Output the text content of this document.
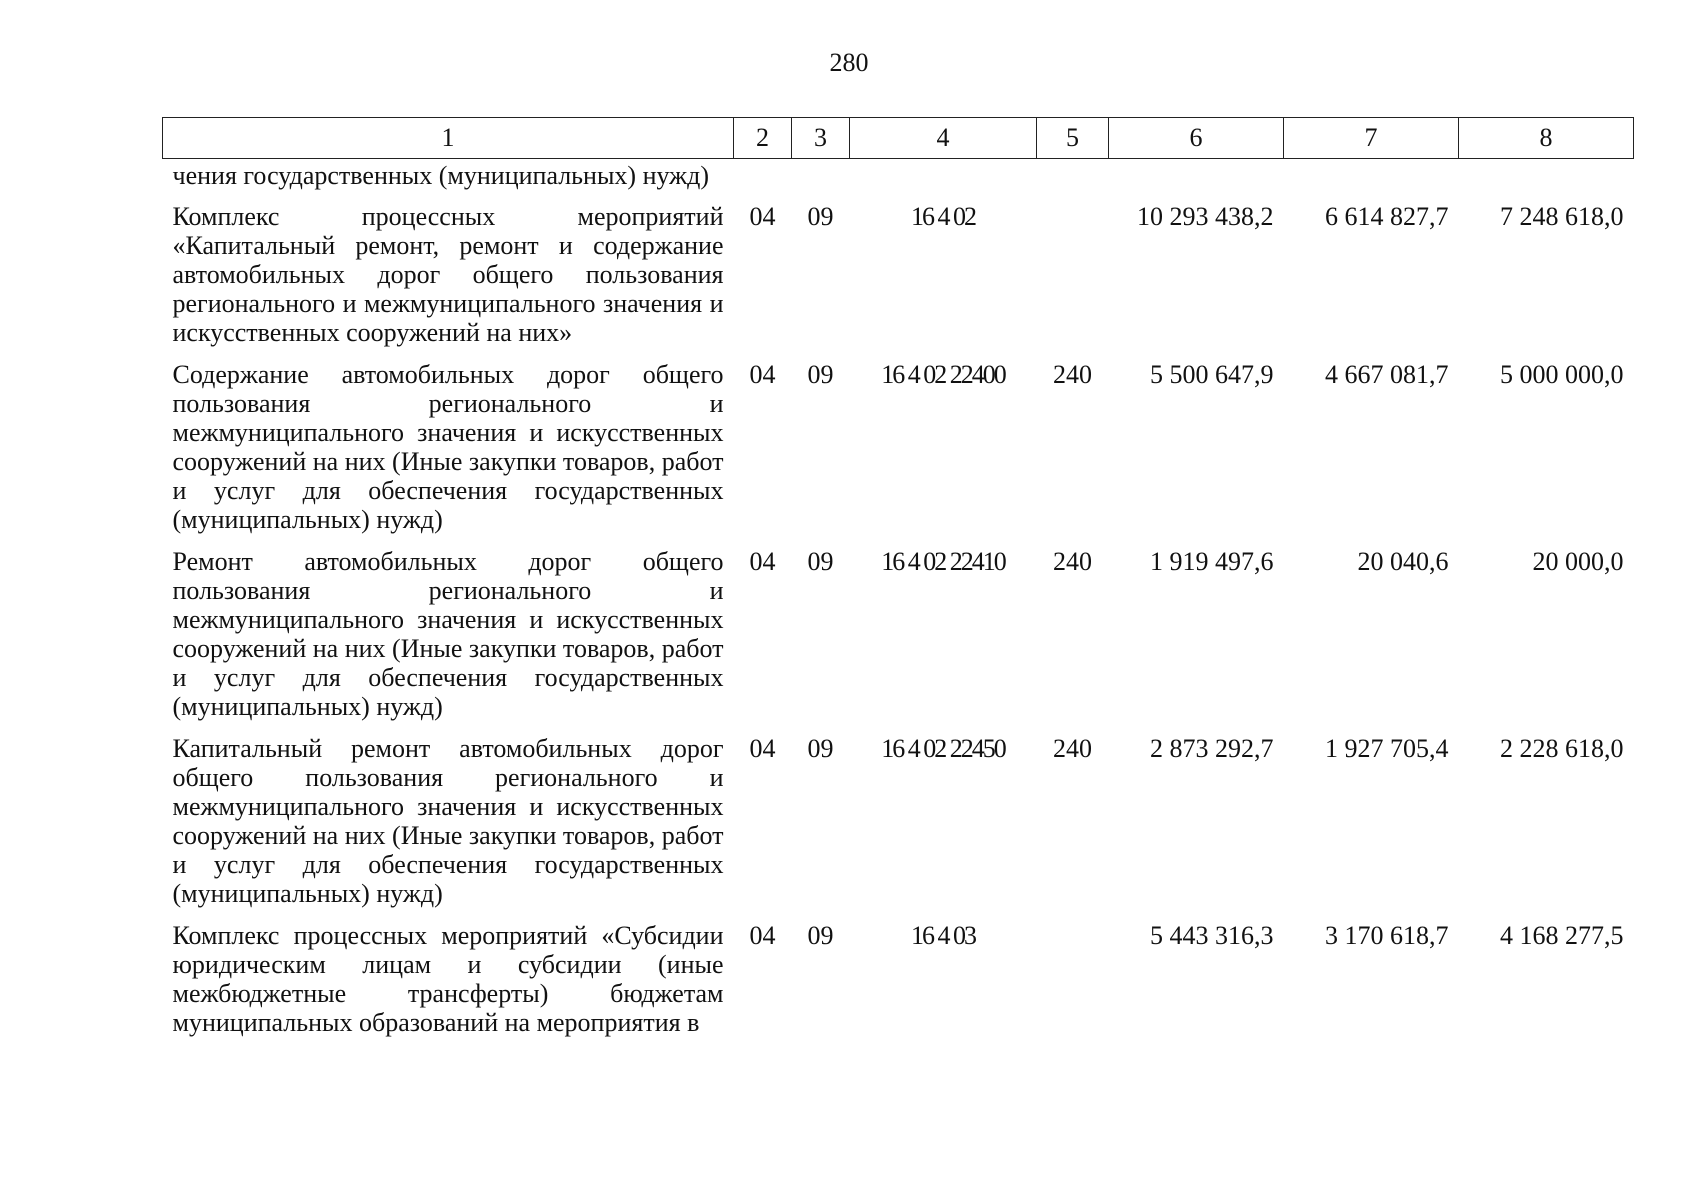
280
1	2	3	4	5	6	7	8
чения государственных (муниципальных) нужд)							
Комплекс процессных мероприятий «Капитальный ремонт, ремонт и содержание автомобильных дорог общего пользования регионального и межмуниципального значения и искусственных сооружений на них»	04	09	16 4 02		10 293 438,2	6 614 827,7	7 248 618,0
Содержание автомобильных дорог общего пользования регионального и межмуниципального значения и искусственных сооружений на них (Иные закупки товаров, работ и услуг для обеспечения государственных (муниципальных) нужд)	04	09	16 4 02 22400	240	5 500 647,9	4 667 081,7	5 000 000,0
Ремонт автомобильных дорог общего пользования регионального и межмуниципального значения и искусственных сооружений на них (Иные закупки товаров, работ и услуг для обеспечения государственных (муниципальных) нужд)	04	09	16 4 02 22410	240	1 919 497,6	20 040,6	20 000,0
Капитальный ремонт автомобильных дорог общего пользования регионального и межмуниципального значения и искусственных сооружений на них (Иные закупки товаров, работ и услуг для обеспечения государственных (муниципальных) нужд)	04	09	16 4 02 22450	240	2 873 292,7	1 927 705,4	2 228 618,0
Комплекс процессных мероприятий «Субсидии юридическим лицам и субсидии (иные межбюджетные трансферты) бюджетам муниципальных образований на мероприятия в	04	09	16 4 03		5 443 316,3	3 170 618,7	4 168 277,5
